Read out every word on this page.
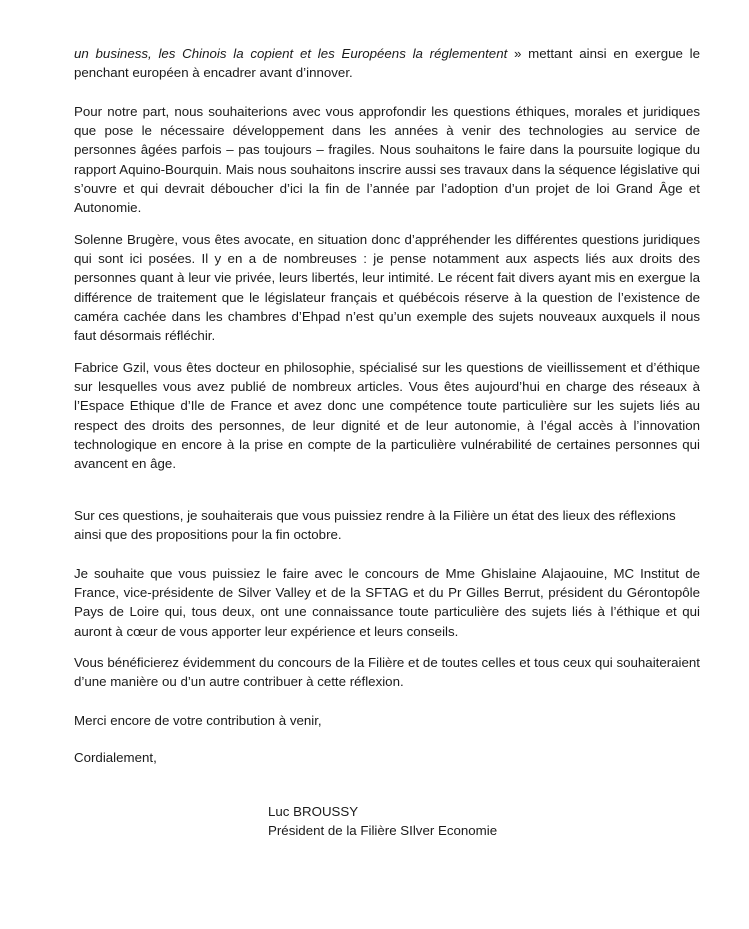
un business, les Chinois la copient et les Européens la réglementent » mettant ainsi en exergue le penchant européen à encadrer avant d’innover.

Pour notre part, nous souhaiterions avec vous approfondir les questions éthiques, morales et juridiques que pose le nécessaire développement dans les années à venir des technologies au service de personnes âgées parfois – pas toujours – fragiles. Nous souhaitons le faire dans la poursuite logique du rapport Aquino-Bourquin. Mais nous souhaitons inscrire aussi ses travaux dans la séquence législative qui s’ouvre et qui devrait déboucher d’ici la fin de l’année par l’adoption d’un projet de loi Grand Âge et Autonomie.

Solenne Brugère, vous êtes avocate, en situation donc d’appréhender les différentes questions juridiques qui sont ici posées. Il y en a de nombreuses : je pense notamment aux aspects liés aux droits des personnes quant à leur vie privée, leurs libertés, leur intimité. Le récent fait divers ayant mis en exergue la différence de traitement que le législateur français et québécois réserve à la question de l’existence de caméra cachée dans les chambres d’Ehpad n’est qu’un exemple des sujets nouveaux auxquels il nous faut désormais réfléchir.

Fabrice Gzil, vous êtes docteur en philosophie, spécialisé sur les questions de vieillissement et d’éthique sur lesquelles vous avez publié de nombreux articles. Vous êtes aujourd’hui en charge des réseaux à l’Espace Ethique d’Ile de France et avez donc une compétence toute particulière sur les sujets liés au respect des droits des personnes, de leur dignité et de leur autonomie, à l’égal accès à l’innovation technologique en encore à la prise en compte de la particulière vulnérabilité de certaines personnes qui avancent en âge.

Sur ces questions, je souhaiterais que vous puissiez rendre à la Filière un état des lieux des réflexions ainsi que des propositions pour la fin octobre.

Je souhaite que vous puissiez le faire avec le concours de Mme Ghislaine Alajaouine, MC Institut de France, vice-présidente de Silver Valley et de la SFTAG et du Pr Gilles Berrut, président du Gérontopôle Pays de Loire qui, tous deux, ont une connaissance toute particulière des sujets liés à l’éthique et qui auront à cœur de vous apporter leur expérience et leurs conseils.

Vous bénéficierez évidemment du concours de la Filière et de toutes celles et tous ceux qui souhaiteraient d’une manière ou d’un autre contribuer à cette réflexion.

Merci encore de votre contribution à venir,

Cordialement,

Luc BROUSSY
Président de la Filière SIlver Economie
